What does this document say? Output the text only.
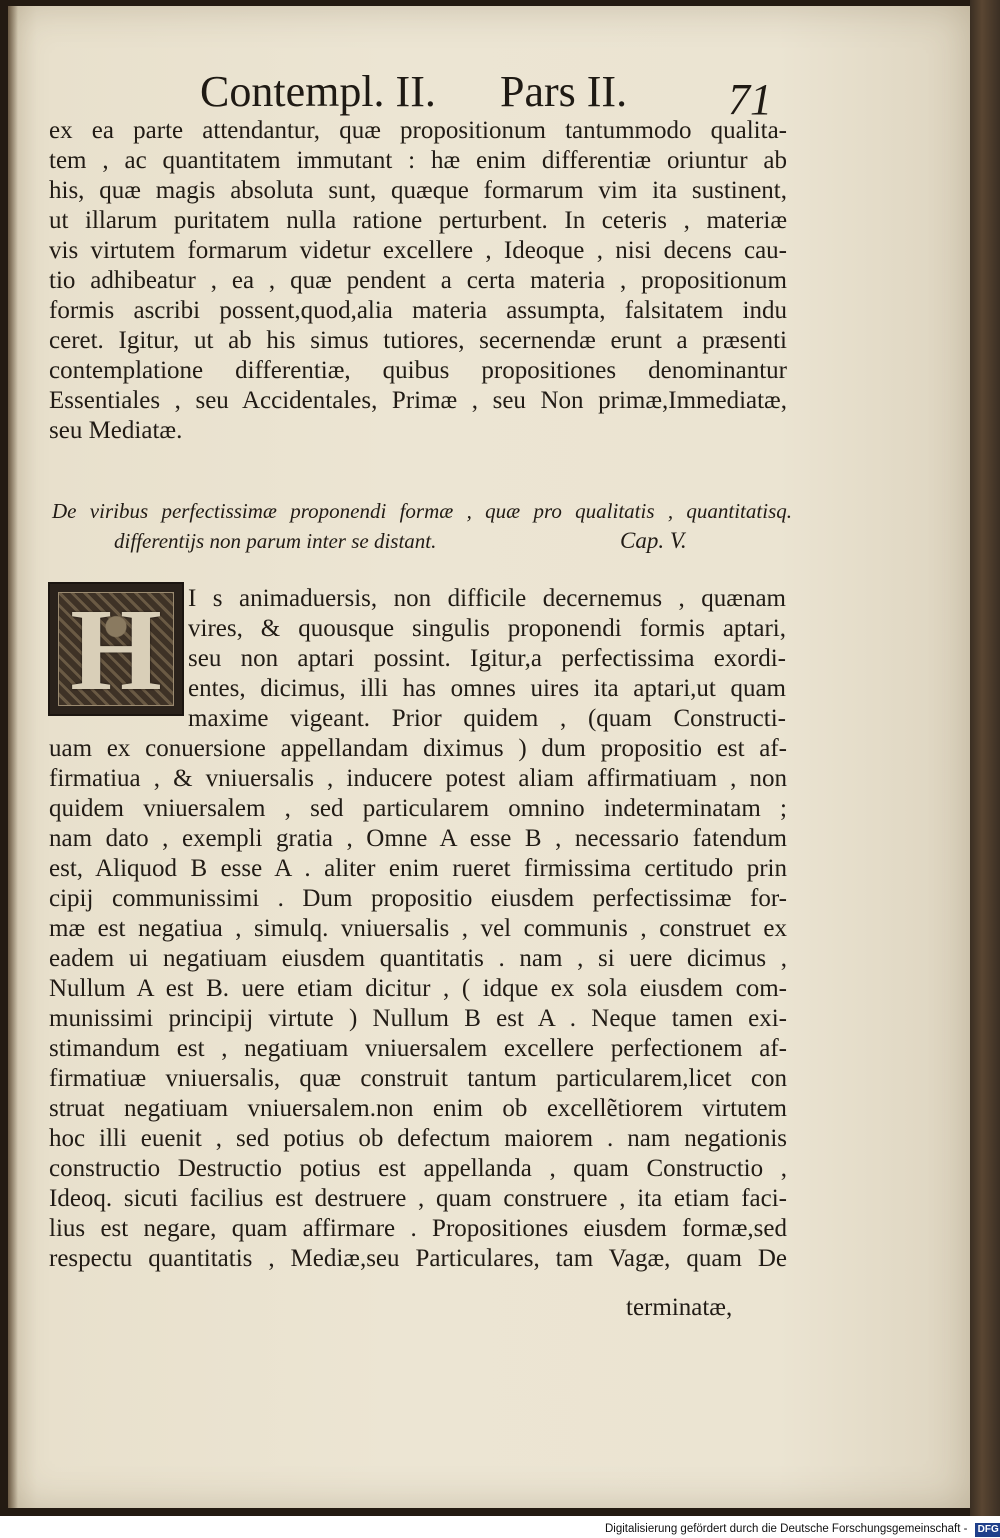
Contempl. II. Pars II. 71
ex ea parte attendantur, quæ propositionum tantummodo qualita-
tem , ac quantitatem immutant : hæ enim differentiæ oriuntur ab
his, quæ magis absoluta sunt, quæque formarum vim ita sustinent,
ut illarum puritatem nulla ratione perturbent. In ceteris , materiæ
vis virtutem formarum videtur excellere , Ideoque , nisi decens cau-
tio adhibeatur , ea , quæ pendent a certa materia , propositionum
formis ascribi possent,quod,alia materia assumpta, falsitatem indu
ceret. Igitur, ut ab his simus tutiores, secernendæ erunt a præsenti
contemplatione differentiæ, quibus propositiones denominantur
Essentiales , seu Accidentales, Primæ , seu Non primæ,Immediatæ,
seu Mediatæ.
De viribus perfectissimæ proponendi formæ , quæ pro qualitatis , quantitatisq.
differentijs non parum inter se distant.	Cap. V.
H	I s animaduersis, non difficile decernemus , quænam
vires, & quousque singulis proponendi formis aptari,
seu non aptari possint. Igitur,a perfectissima exordi-
entes, dicimus, illi has omnes uires ita aptari,ut quam
maxime vigeant. Prior quidem , (quam Constructi-
uam ex conuersione appellandam diximus ) dum propositio est af-
firmatiua , & vniuersalis , inducere potest aliam affirmatiuam , non
quidem vniuersalem , sed particularem omnino indeterminatam ;
nam dato , exempli gratia , Omne A esse B , necessario fatendum
est, Aliquod B esse A . aliter enim rueret firmissima certitudo prin
cipij communissimi . Dum propositio eiusdem perfectissimæ for-
mæ est negatiua , simulq. vniuersalis , vel communis , construet ex
eadem ui negatiuam eiusdem quantitatis . nam , si uere dicimus ,
Nullum A est B. uere etiam dicitur , ( idque ex sola eiusdem com-
munissimi principij virtute ) Nullum B est A . Neque tamen exi-
stimandum est , negatiuam vniuersalem excellere perfectionem af-
firmatiuæ vniuersalis, quæ construit tantum particularem,licet con
struat negatiuam vniuersalem.non enim ob excellẽtiorem virtutem
hoc illi euenit , sed potius ob defectum maiorem . nam negationis
constructio Destructio potius est appellanda , quam Constructio ,
Ideoq. sicuti facilius est destruere , quam construere , ita etiam faci-
lius est negare, quam affirmare . Propositiones eiusdem formæ,sed
respectu quantitatis , Mediæ,seu Particulares, tam Vagæ, quam De
terminatæ,
Digitalisierung gefördert durch die Deutsche Forschungsgemeinschaft - DFG
